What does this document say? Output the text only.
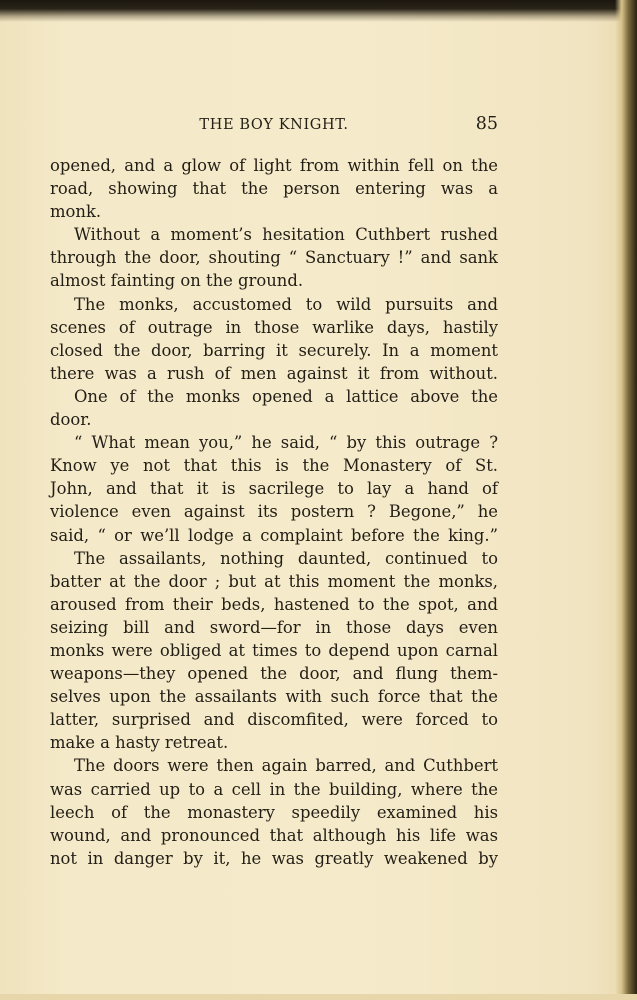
THE BOY KNIGHT.	85
opened, and a glow of light from within fell on the
road, showing that the person entering was a
monk.
Without a moment’s hesitation Cuthbert rushed
through the door, shouting “ Sanctuary !” and sank
almost fainting on the ground.
The monks, accustomed to wild pursuits and
scenes of outrage in those warlike days, hastily
closed the door, barring it securely. In a moment
there was a rush of men against it from without.
One of the monks opened a lattice above the
door.
“ What mean you,” he said, “ by this outrage ?
Know ye not that this is the Monastery of St.
John, and that it is sacrilege to lay a hand of
violence even against its postern ? Begone,” he
said, “ or we’ll lodge a complaint before the king.”
The assailants, nothing daunted, continued to
batter at the door ; but at this moment the monks,
aroused from their beds, hastened to the spot, and
seizing bill and sword—for in those days even
monks were obliged at times to depend upon carnal
weapons—they opened the door, and flung them-
selves upon the assailants with such force that the
latter, surprised and discomfited, were forced to
make a hasty retreat.
The doors were then again barred, and Cuthbert
was carried up to a cell in the building, where the
leech of the monastery speedily examined his
wound, and pronounced that although his life was
not in danger by it, he was greatly weakened by
